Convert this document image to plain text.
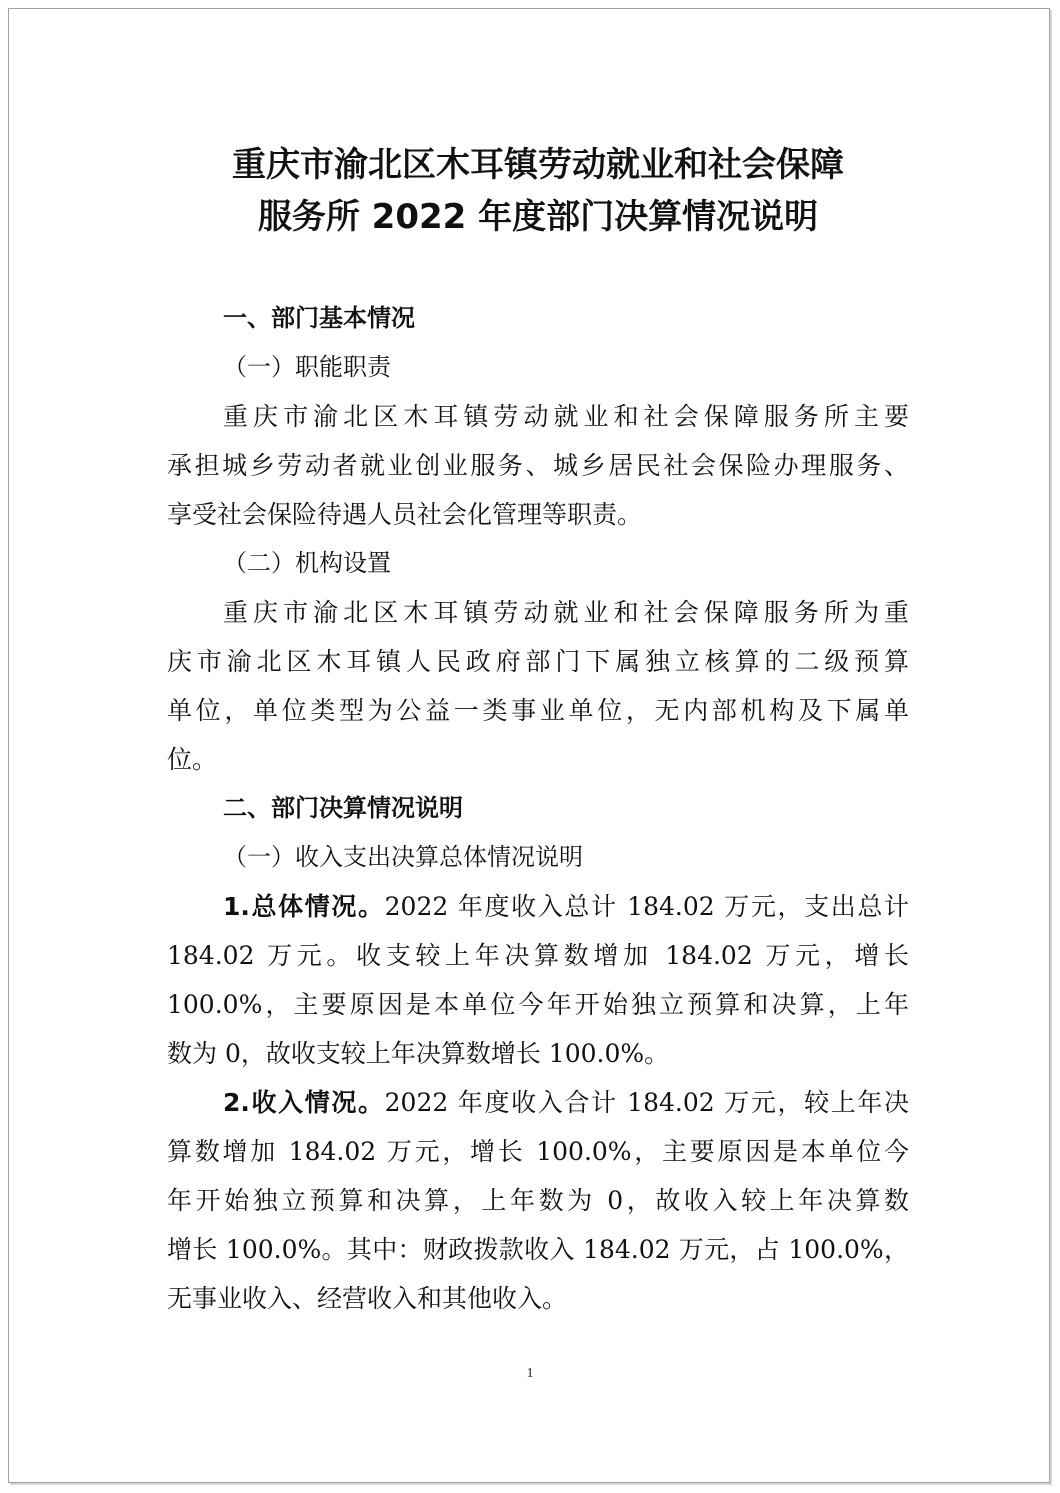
重庆市渝北区木耳镇劳动就业和社会保障
服务所 2022 年度部门决算情况说明
一、部门基本情况
（一）职能职责
重庆市渝北区木耳镇劳动就业和社会保障服务所主要
承担城乡劳动者就业创业服务、城乡居民社会保险办理服务、
享受社会保险待遇人员社会化管理等职责。
（二）机构设置
重庆市渝北区木耳镇劳动就业和社会保障服务所为重
庆市渝北区木耳镇人民政府部门下属独立核算的二级预算
单位，单位类型为公益一类事业单位，无内部机构及下属单
位。
二、部门决算情况说明
（一）收入支出决算总体情况说明
1.总体情况。2022 年度收入总计 184.02 万元，支出总计
184.02 万元。收支较上年决算数增加 184.02 万元，增长
100.0%，主要原因是本单位今年开始独立预算和决算，上年
数为 0，故收支较上年决算数增长 100.0%。
2.收入情况。2022 年度收入合计 184.02 万元，较上年决
算数增加 184.02 万元，增长 100.0%，主要原因是本单位今
年开始独立预算和决算，上年数为 0，故收入较上年决算数
增长 100.0%。其中：财政拨款收入 184.02 万元，占 100.0%，
无事业收入、经营收入和其他收入。
1
